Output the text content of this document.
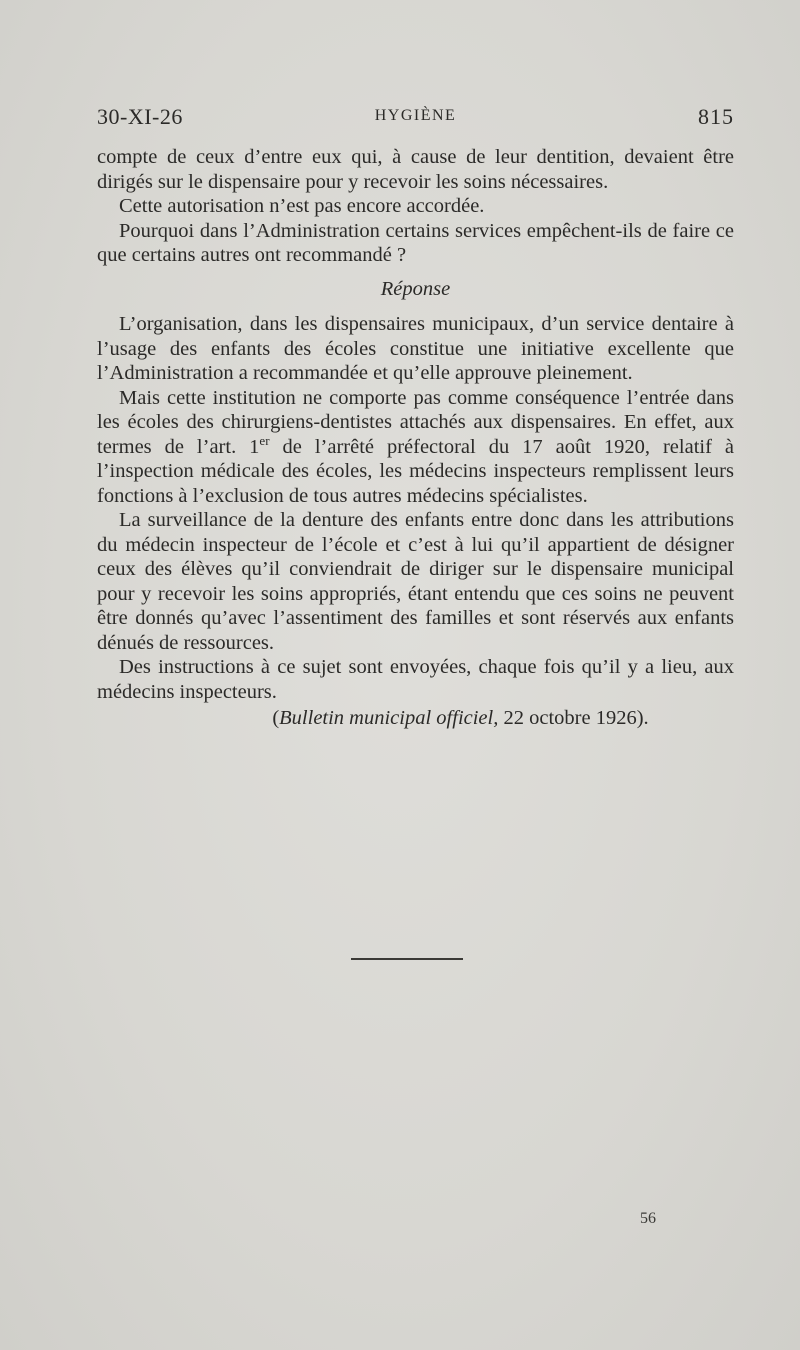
30-XI-26	HYGIÈNE	815

compte de ceux d’entre eux qui, à cause de leur dentition, devaient être dirigés sur le dispensaire pour y recevoir les soins nécessaires.

Cette autorisation n’est pas encore accordée.

Pourquoi dans l’Administration certains services empêchent-ils de faire ce que certains autres ont recommandé ?

Réponse

L’organisation, dans les dispensaires municipaux, d’un service dentaire à l’usage des enfants des écoles constitue une initiative excellente que l’Administration a recommandée et qu’elle approuve pleinement.

Mais cette institution ne comporte pas comme conséquence l’entrée dans les écoles des chirurgiens-dentistes attachés aux dispensaires. En effet, aux termes de l’art. 1er de l’arrêté préfectoral du 17 août 1920, relatif à l’inspection médicale des écoles, les médecins inspecteurs remplissent leurs fonctions à l’exclusion de tous autres médecins spécialistes.

La surveillance de la denture des enfants entre donc dans les attributions du médecin inspecteur de l’école et c’est à lui qu’il appartient de désigner ceux des élèves qu’il conviendrait de diriger sur le dispensaire municipal pour y recevoir les soins appropriés, étant entendu que ces soins ne peuvent être donnés qu’avec l’assentiment des familles et sont réservés aux enfants dénués de ressources.

Des instructions à ce sujet sont envoyées, chaque fois qu’il y a lieu, aux médecins inspecteurs.

(Bulletin municipal officiel, 22 octobre 1926).

56
